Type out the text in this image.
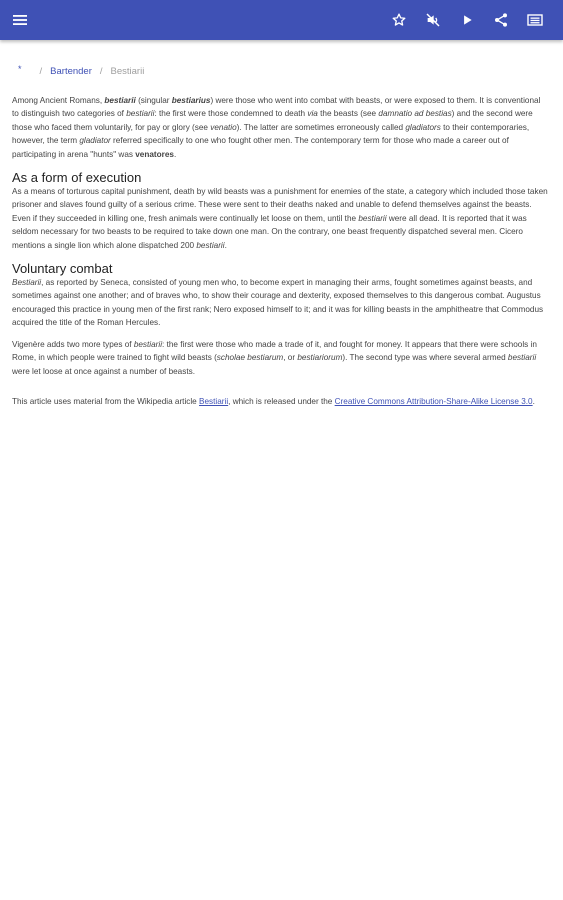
* / Bartender / Bestiarii

Among Ancient Romans, bestiarii (singular bestiarius) were those who went into combat with beasts, or were exposed to them. It is conventional to distinguish two categories of bestiarii: the first were those condemned to death via the beasts (see damnatio ad bestias) and the second were those who faced them voluntarily, for pay or glory (see venatio). The latter are sometimes erroneously called gladiators to their contemporaries, however, the term gladiator referred specifically to one who fought other men. The contemporary term for those who made a career out of participating in arena "hunts" was venatores.

As a form of execution

As a means of torturous capital punishment, death by wild beasts was a punishment for enemies of the state, a category which included those taken prisoner and slaves found guilty of a serious crime. These were sent to their deaths naked and unable to defend themselves against the beasts. Even if they succeeded in killing one, fresh animals were continually let loose on them, until the bestiarii were all dead. It is reported that it was seldom necessary for two beasts to be required to take down one man. On the contrary, one beast frequently dispatched several men. Cicero mentions a single lion which alone dispatched 200 bestiarii.

Voluntary combat

Bestiarii, as reported by Seneca, consisted of young men who, to become expert in managing their arms, fought sometimes against beasts, and sometimes against one another; and of braves who, to show their courage and dexterity, exposed themselves to this dangerous combat. Augustus encouraged this practice in young men of the first rank; Nero exposed himself to it; and it was for killing beasts in the amphitheatre that Commodus acquired the title of the Roman Hercules.

Vigenère adds two more types of bestiarii: the first were those who made a trade of it, and fought for money. It appears that there were schools in Rome, in which people were trained to fight wild beasts (scholae bestiarum, or bestiariorum). The second type was where several armed bestiarii were let loose at once against a number of beasts.

This article uses material from the Wikipedia article Bestiarii, which is released under the Creative Commons Attribution-Share-Alike License 3.0.
